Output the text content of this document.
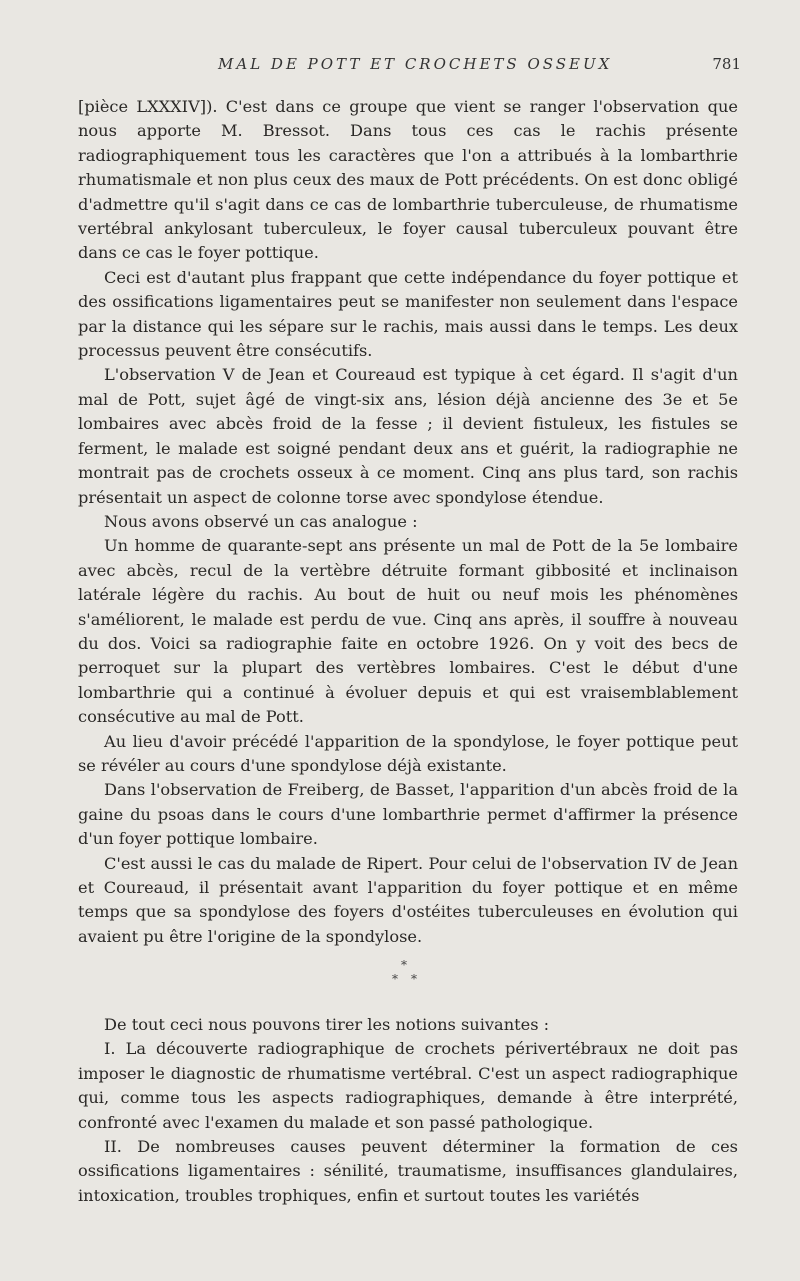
MAL DE POTT ET CROCHETS OSSEUX	781

[pièce LXXXIV]). C'est dans ce groupe que vient se ranger l'observation que nous apporte M. Bressot. Dans tous ces cas le rachis présente radiographiquement tous les caractères que l'on a attribués à la lombarthrie rhumatismale et non plus ceux des maux de Pott précédents. On est donc obligé d'admettre qu'il s'agit dans ce cas de lombarthrie tuberculeuse, de rhumatisme vertébral ankylosant tuberculeux, le foyer causal tuberculeux pouvant être dans ce cas le foyer pottique.

Ceci est d'autant plus frappant que cette indépendance du foyer pottique et des ossifications ligamentaires peut se manifester non seulement dans l'espace par la distance qui les sépare sur le rachis, mais aussi dans le temps. Les deux processus peuvent être consécutifs.

L'observation V de Jean et Coureaud est typique à cet égard. Il s'agit d'un mal de Pott, sujet âgé de vingt-six ans, lésion déjà ancienne des 3e et 5e lombaires avec abcès froid de la fesse ; il devient fistuleux, les fistules se ferment, le malade est soigné pendant deux ans et guérit, la radiographie ne montrait pas de crochets osseux à ce moment. Cinq ans plus tard, son rachis présentait un aspect de colonne torse avec spondylose étendue.

Nous avons observé un cas analogue :

Un homme de quarante-sept ans présente un mal de Pott de la 5e lombaire avec abcès, recul de la vertèbre détruite formant gibbosité et inclinaison latérale légère du rachis. Au bout de huit ou neuf mois les phénomènes s'améliorent, le malade est perdu de vue. Cinq ans après, il souffre à nouveau du dos. Voici sa radiographie faite en octobre 1926. On y voit des becs de perroquet sur la plupart des vertèbres lombaires. C'est le début d'une lombarthrie qui a continué à évoluer depuis et qui est vraisemblablement consécutive au mal de Pott.

Au lieu d'avoir précédé l'apparition de la spondylose, le foyer pottique peut se révéler au cours d'une spondylose déjà existante.

Dans l'observation de Freiberg, de Basset, l'apparition d'un abcès froid de la gaine du psoas dans le cours d'une lombarthrie permet d'affirmer la présence d'un foyer pottique lombaire.

C'est aussi le cas du malade de Ripert. Pour celui de l'observation IV de Jean et Coureaud, il présentait avant l'apparition du foyer pottique et en même temps que sa spondylose des foyers d'ostéites tuberculeuses en évolution qui avaient pu être l'origine de la spondylose.

*
* *

De tout ceci nous pouvons tirer les notions suivantes :

I. La découverte radiographique de crochets périvertébraux ne doit pas imposer le diagnostic de rhumatisme vertébral. C'est un aspect radiographique qui, comme tous les aspects radiographiques, demande à être interprété, confronté avec l'examen du malade et son passé pathologique.

II. De nombreuses causes peuvent déterminer la formation de ces ossifications ligamentaires : sénilité, traumatisme, insuffisances glandulaires, intoxication, troubles trophiques, enfin et surtout toutes les variétés
